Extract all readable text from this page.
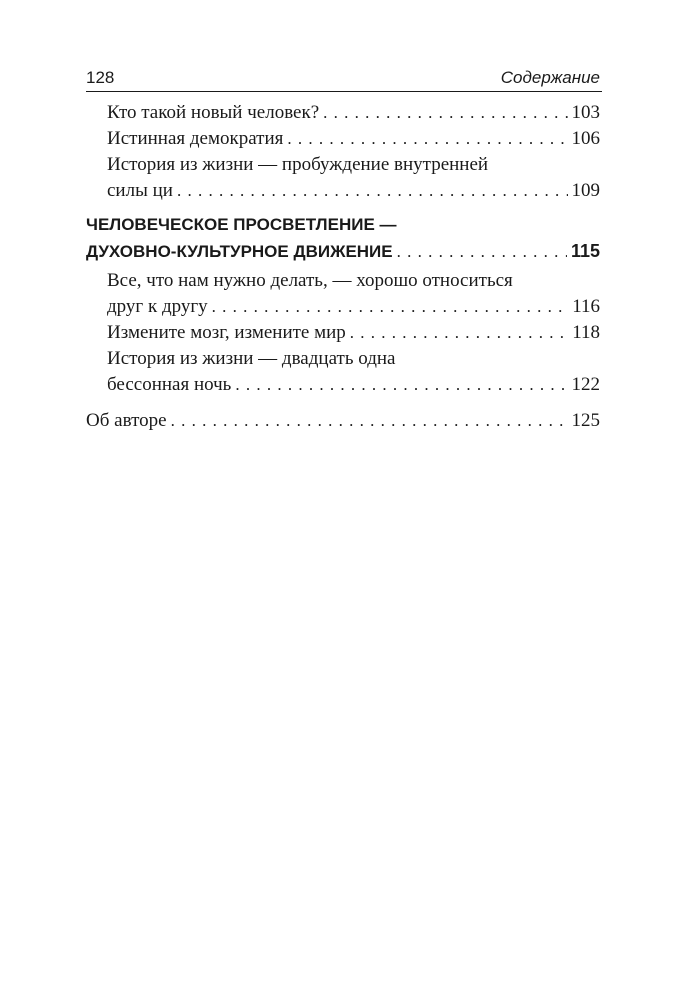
128	Содержание
Кто такой новый человек? . . .	103
Истинная демократия . . .	106
История из жизни — пробуждение внутренней
силы ци . . .	109
ЧЕЛОВЕЧЕСКОЕ ПРОСВЕТЛЕНИЕ —
ДУХОВНО-КУЛЬТУРНОЕ ДВИЖЕНИЕ . . .	115
Все, что нам нужно делать, — хорошо относиться
друг к другу . . .	116
Измените мозг, измените мир . . .	118
История из жизни — двадцать одна
бессонная ночь . . .	122
Об авторе . . .	125
